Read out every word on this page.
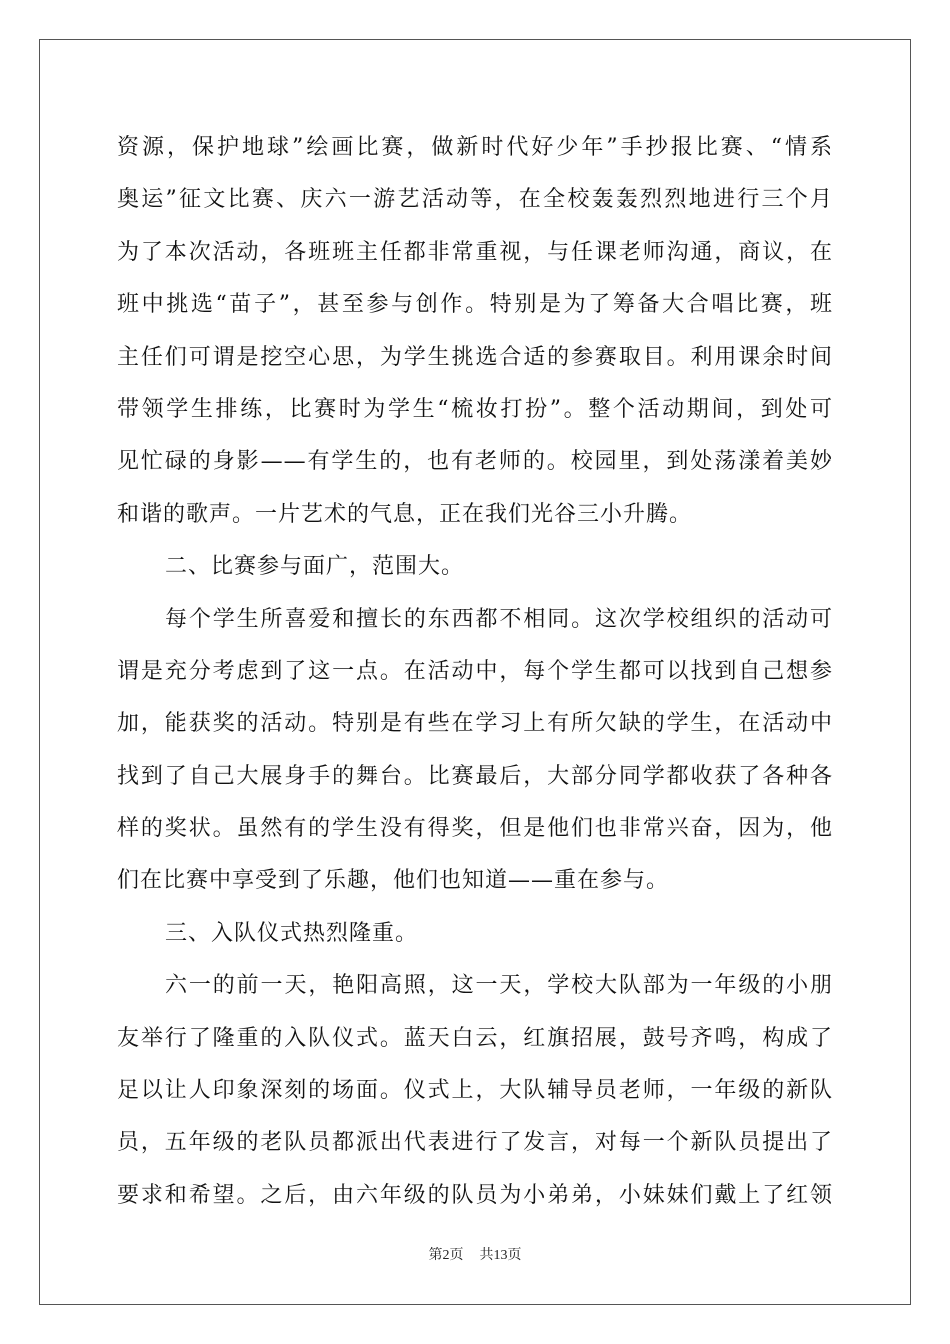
资源，保护地球”绘画比赛，做新时代好少年”手抄报比赛、“情系
奥运”征文比赛、庆六一游艺活动等，在全校轰轰烈烈地进行三个月
为了本次活动，各班班主任都非常重视，与任课老师沟通，商议，在
班中挑选“苗子”，甚至参与创作。特别是为了筹备大合唱比赛，班
主任们可谓是挖空心思，为学生挑选合适的参赛取目。利用课余时间
带领学生排练，比赛时为学生“梳妆打扮”。整个活动期间，到处可
见忙碌的身影——有学生的，也有老师的。校园里，到处荡漾着美妙
和谐的歌声。一片艺术的气息，正在我们光谷三小升腾。
二、比赛参与面广，范围大。
每个学生所喜爱和擅长的东西都不相同。这次学校组织的活动可
谓是充分考虑到了这一点。在活动中，每个学生都可以找到自己想参
加，能获奖的活动。特别是有些在学习上有所欠缺的学生，在活动中
找到了自己大展身手的舞台。比赛最后，大部分同学都收获了各种各
样的奖状。虽然有的学生没有得奖，但是他们也非常兴奋，因为，他
们在比赛中享受到了乐趣，他们也知道——重在参与。
三、入队仪式热烈隆重。
六一的前一天，艳阳高照，这一天，学校大队部为一年级的小朋
友举行了隆重的入队仪式。蓝天白云，红旗招展，鼓号齐鸣，构成了
足以让人印象深刻的场面。仪式上，大队辅导员老师，一年级的新队
员，五年级的老队员都派出代表进行了发言，对每一个新队员提出了
要求和希望。之后，由六年级的队员为小弟弟，小妹妹们戴上了红领
第2页 共13页
